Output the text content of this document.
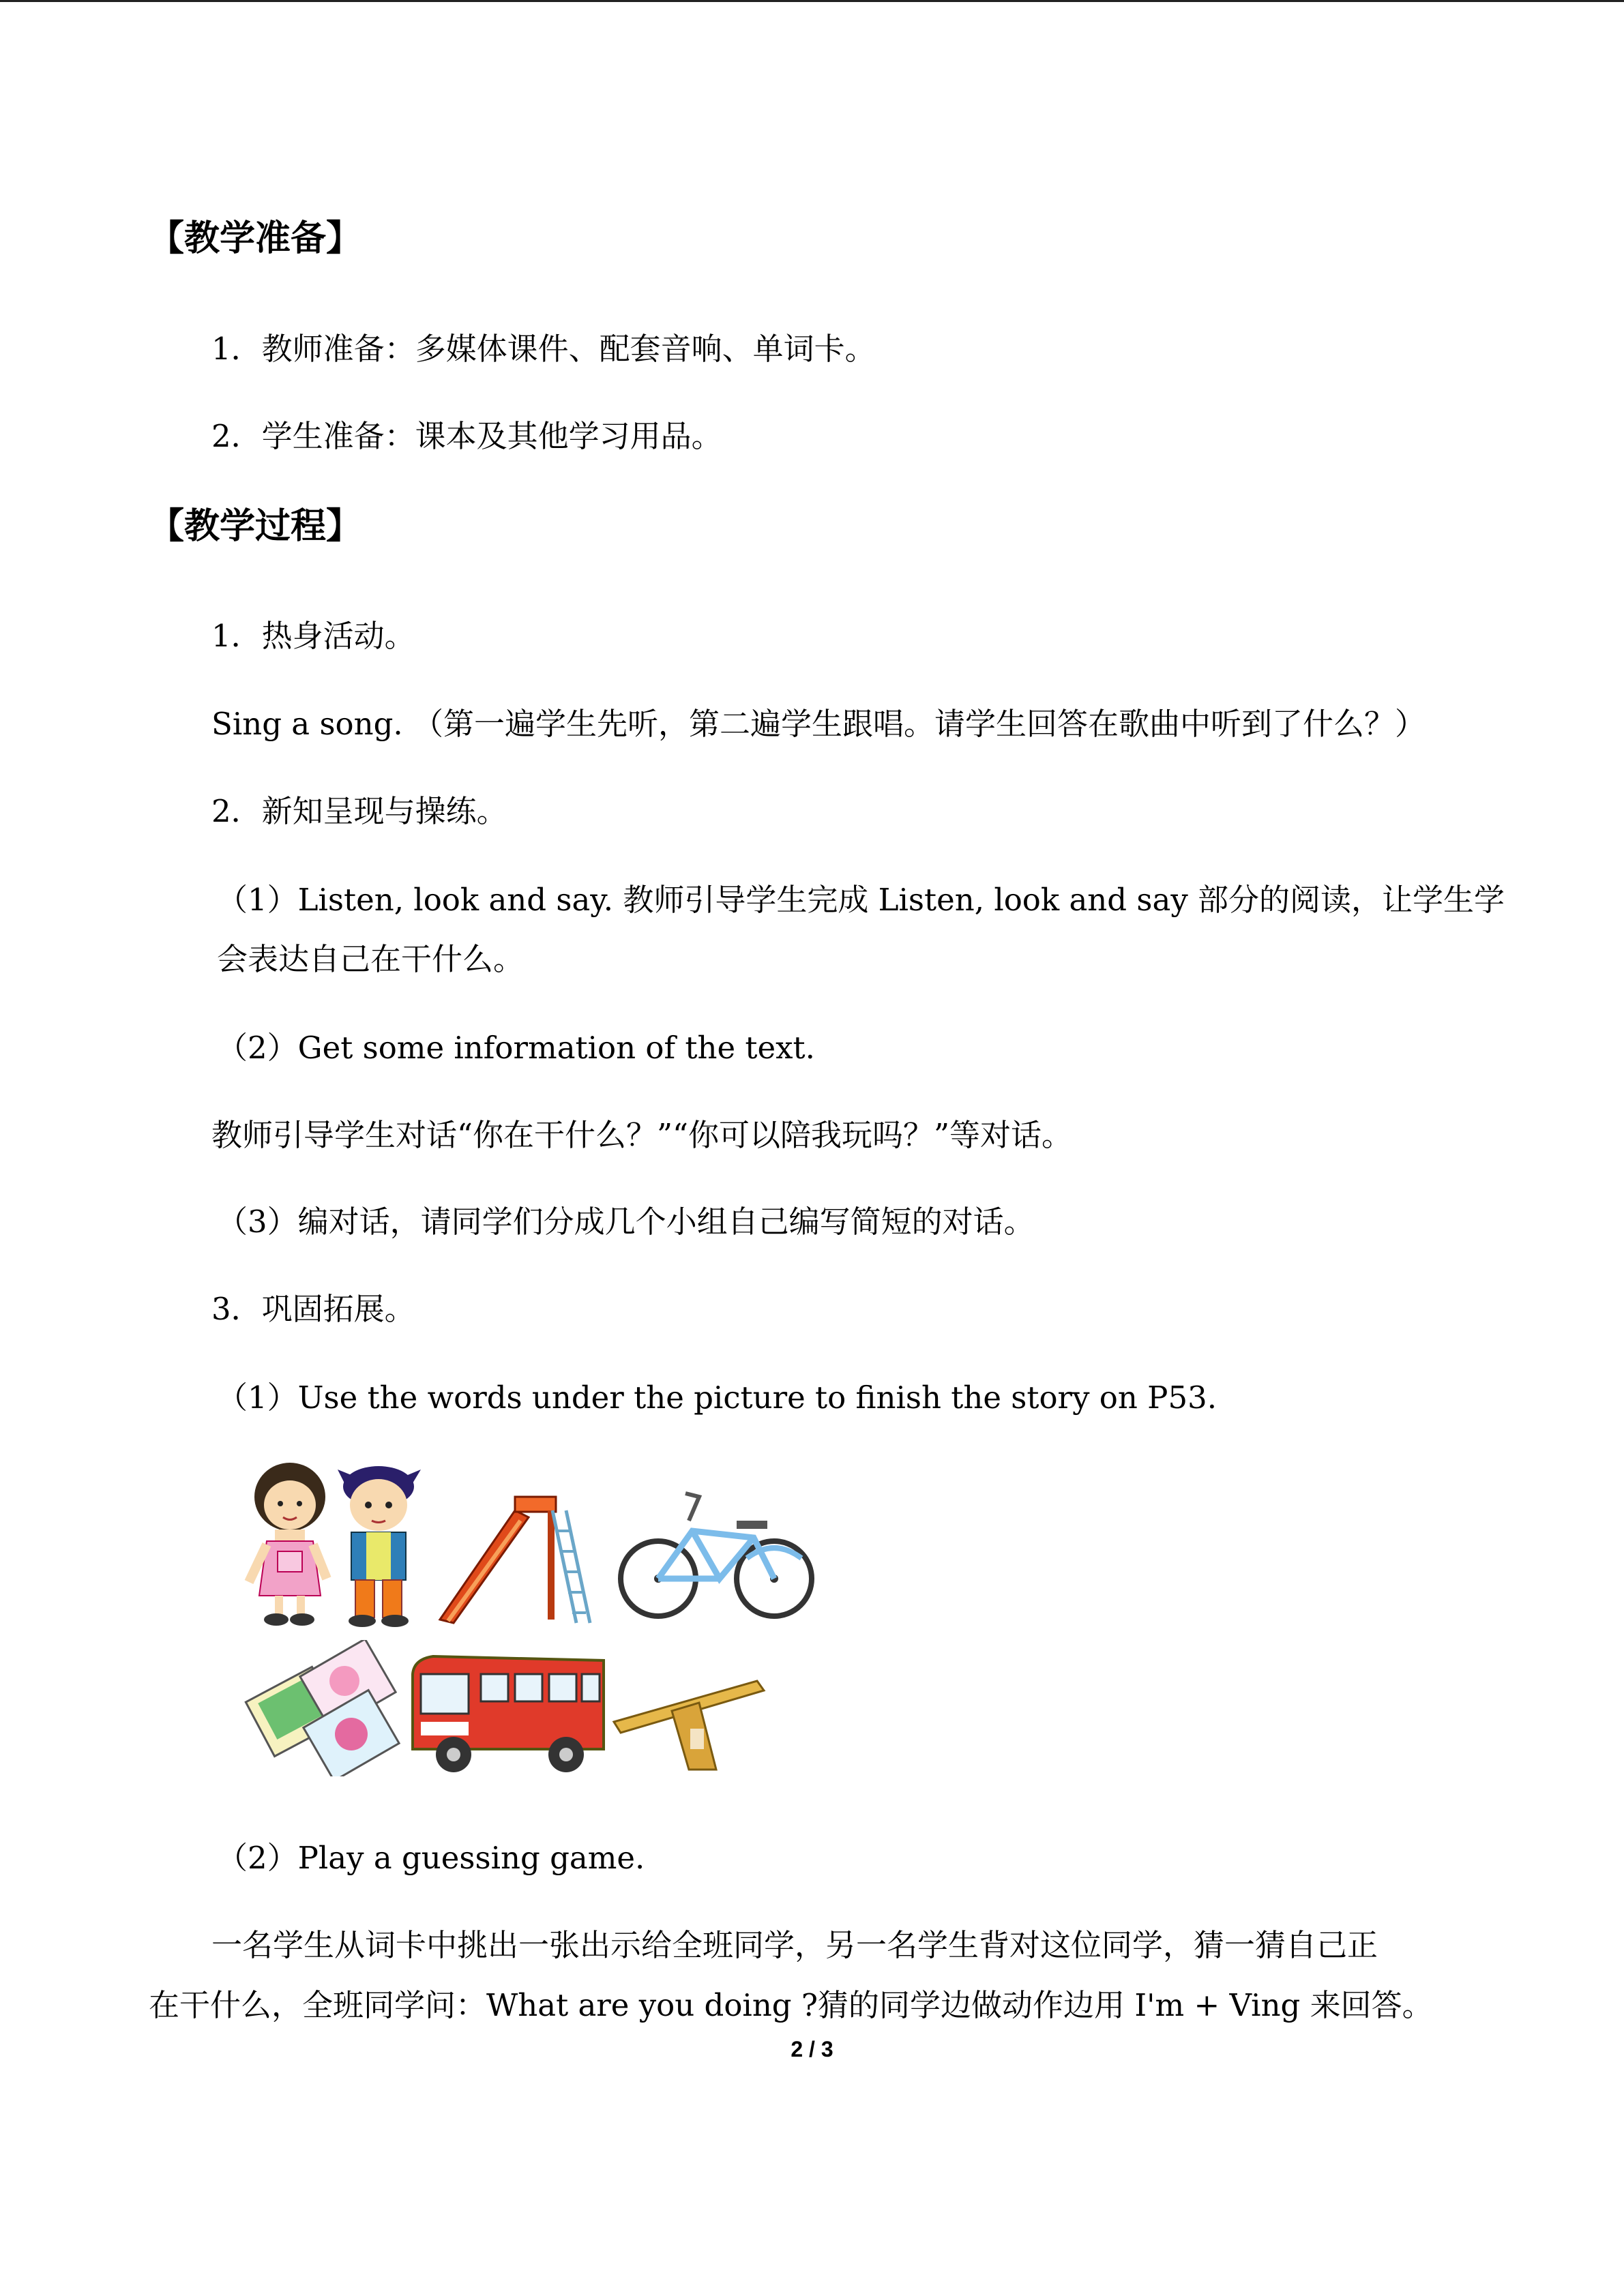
【教学准备】
1．教师准备：多媒体课件、配套音响、单词卡。
2．学生准备：课本及其他学习用品。
【教学过程】
1．热身活动。
Sing a song. （第一遍学生先听，第二遍学生跟唱。请学生回答在歌曲中听到了什么？）
2．新知呈现与操练。
（1）Listen, look and say. 教师引导学生完成 Listen, look and say 部分的阅读，让学生学
会表达自己在干什么。
（2）Get some information of the text.
教师引导学生对话“你在干什么？”“你可以陪我玩吗？”等对话。
（3）编对话，请同学们分成几个小组自己编写简短的对话。
3．巩固拓展。
（1）Use the words under the picture to finish the story on P53.
（2）Play a guessing game.
一名学生从词卡中挑出一张出示给全班同学，另一名学生背对这位同学，猜一猜自己正
在干什么，全班同学问：What are you doing ?猜的同学边做动作边用 I'm + Ving 来回答。
2 / 3
